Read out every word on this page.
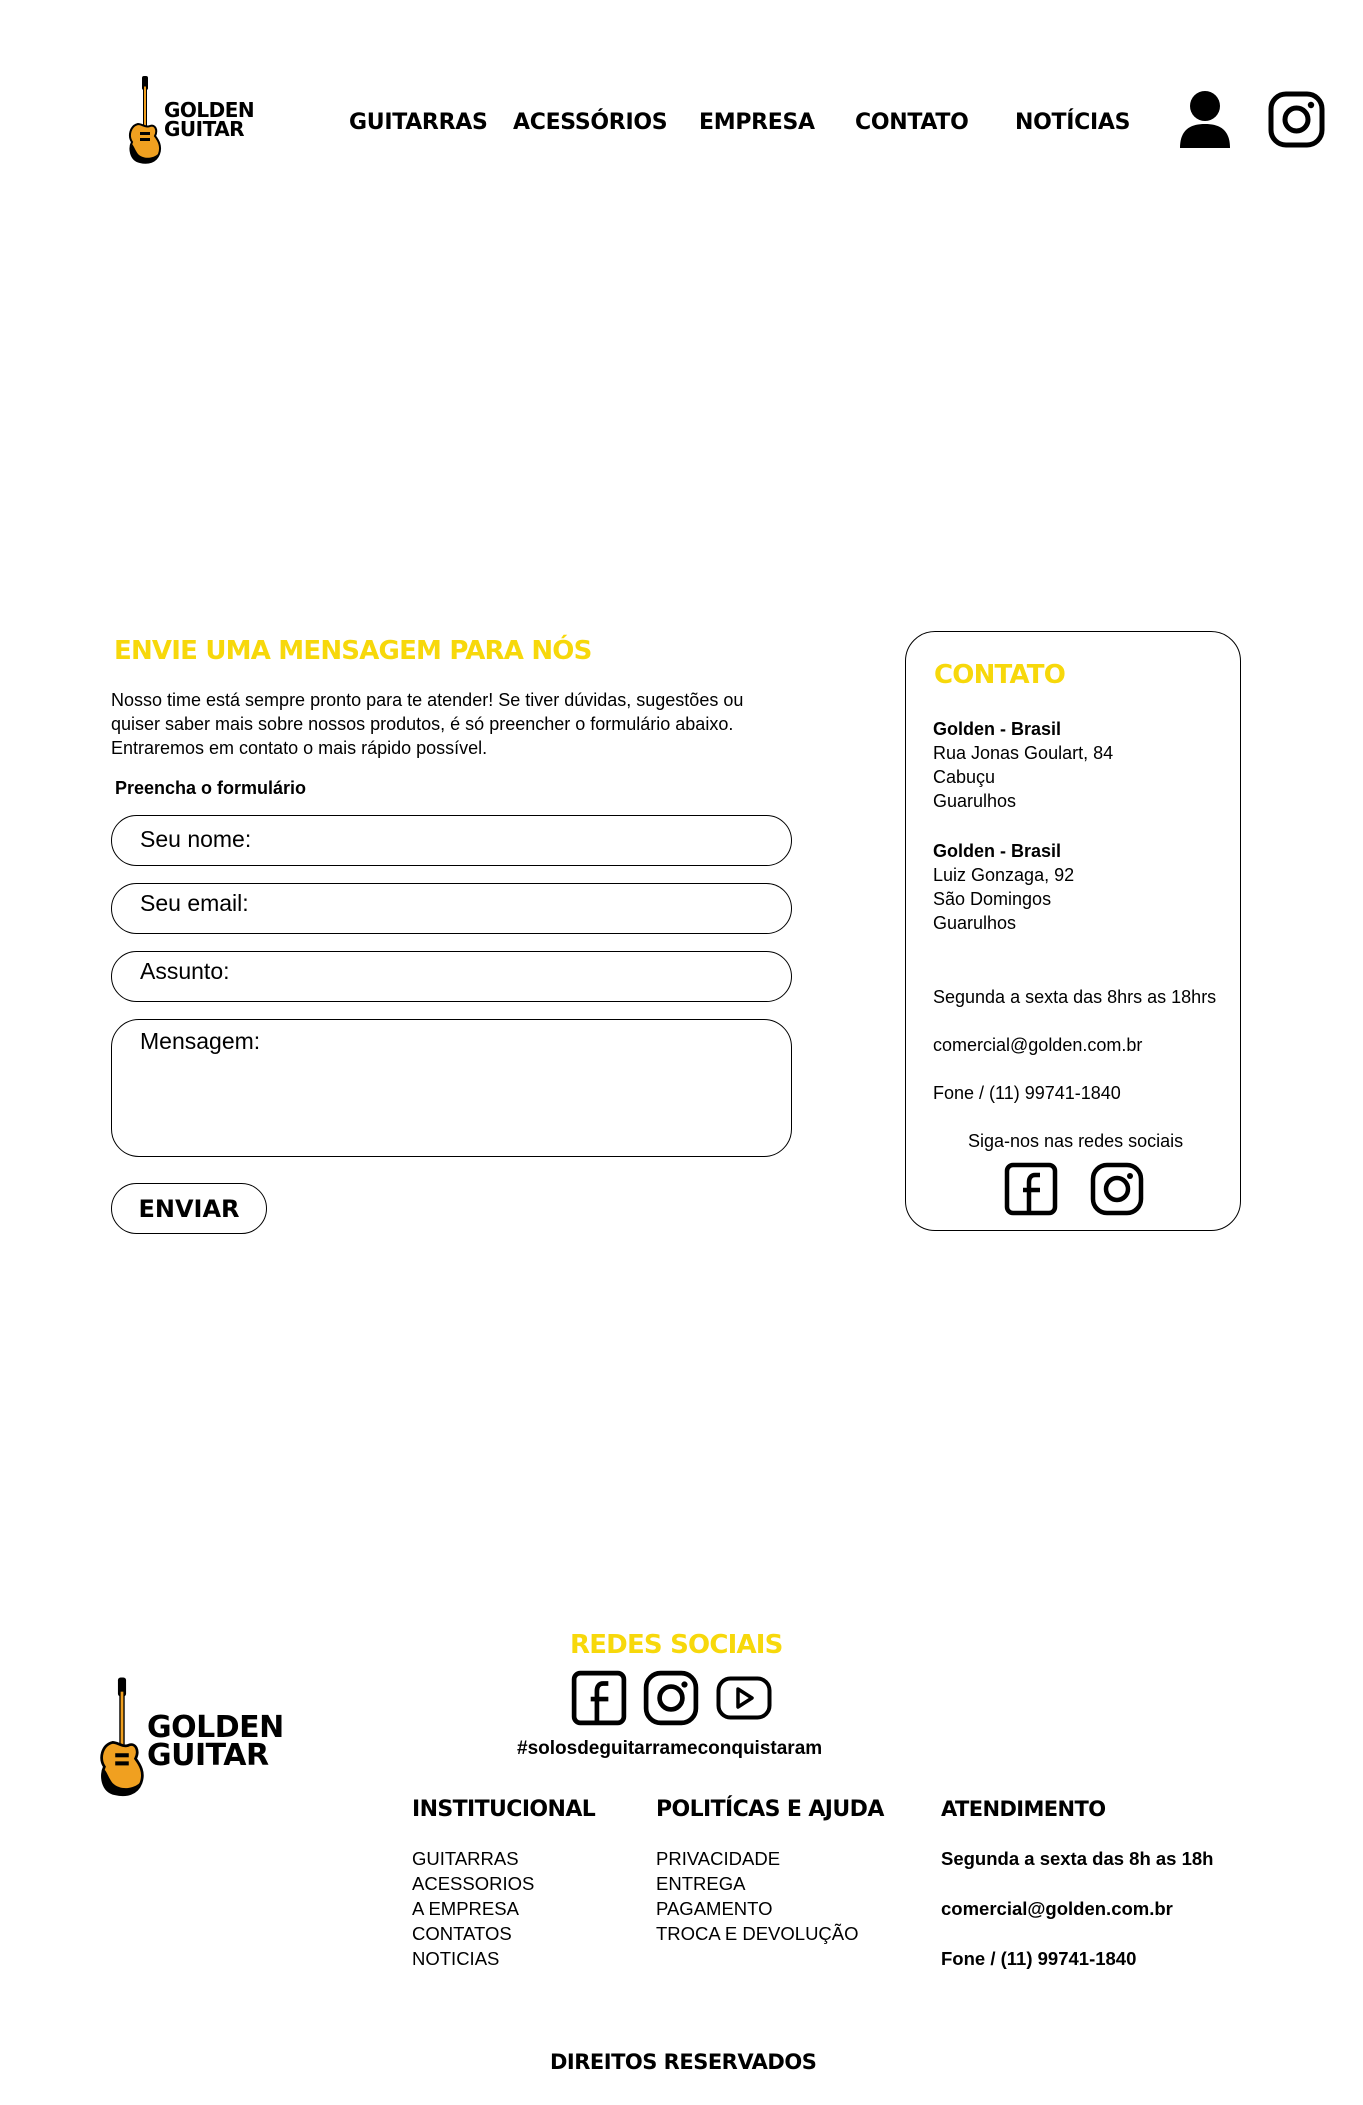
GOLDEN
GUITAR	GUITARRAS ACESSÓRIOS EMPRESA CONTATO NOTÍCIAS
ENVIE UMA MENSAGEM PARA NÓS
Nosso time está sempre pronto para te atender! Se tiver dúvidas, sugestões ou
quiser saber mais sobre nossos produtos, é só preencher o formulário abaixo.
Entraremos em contato o mais rápido possível.
Preencha o formulário
Seu nome:
Seu email:
Assunto:
Mensagem:
ENVIAR
CONTATO
Golden - Brasil
Rua Jonas Goulart, 84
Cabuçu
Guarulhos
Golden - Brasil
Luiz Gonzaga, 92
São Domingos
Guarulhos
Segunda a sexta das 8hrs as 18hrs
comercial@golden.com.br
Fone / (11) 99741-1840
Siga-nos nas redes sociais
REDES SOCIAIS
#solosdeguitarrameconquistaram
GOLDEN
GUITAR
INSTITUCIONAL
GUITARRAS
ACESSORIOS
A EMPRESA
CONTATOS
NOTICIAS
POLITÍCAS E AJUDA
PRIVACIDADE
ENTREGA
PAGAMENTO
TROCA E DEVOLUÇÃO
ATENDIMENTO
Segunda a sexta das 8h as 18h
comercial@golden.com.br
Fone / (11) 99741-1840
DIREITOS RESERVADOS
